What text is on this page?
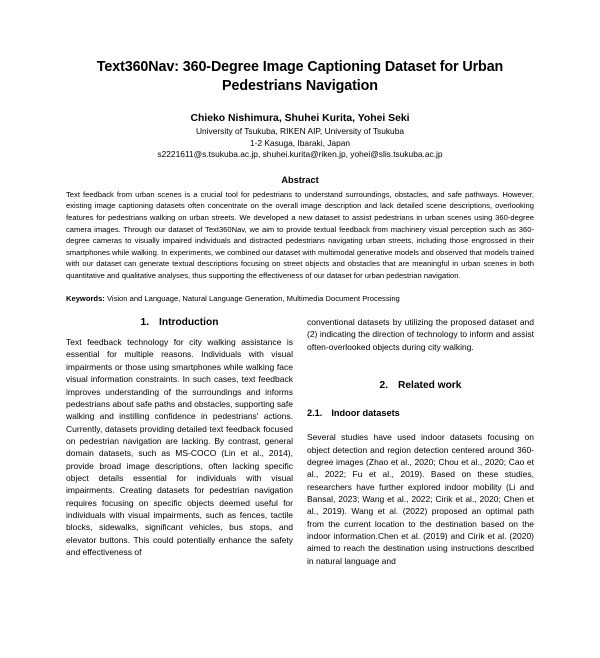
Text360Nav: 360-Degree Image Captioning Dataset for Urban Pedestrians Navigation
Chieko Nishimura, Shuhei Kurita, Yohei Seki
University of Tsukuba, RIKEN AIP, University of Tsukuba
1-2 Kasuga, Ibaraki, Japan
s2221611@s.tsukuba.ac.jp, shuhei.kurita@riken.jp, yohei@slis.tsukuba.ac.jp
Abstract
Text feedback from urban scenes is a crucial tool for pedestrians to understand surroundings, obstacles, and safe pathways. However, existing image captioning datasets often concentrate on the overall image description and lack detailed scene descriptions, overlooking features for pedestrians walking on urban streets. We developed a new dataset to assist pedestrians in urban scenes using 360-degree camera images. Through our dataset of Text360Nav, we aim to provide textual feedback from machinery visual perception such as 360-degree cameras to visually impaired individuals and distracted pedestrians navigating urban streets, including those engrossed in their smartphones while walking. In experiments, we combined our dataset with multimodal generative models and observed that models trained with our dataset can generate textual descriptions focusing on street objects and obstacles that are meaningful in urban scenes in both quantitative and qualitative analyses, thus supporting the effectiveness of our dataset for urban pedestrian navigation.
Keywords: Vision and Language, Natural Language Generation, Multimedia Document Processing
1. Introduction

Text feedback technology for city walking assistance is essential for multiple reasons. Individuals with visual impairments or those using smartphones while walking face visual information constraints. In such cases, text feedback improves understanding of the surroundings and informs pedestrians about safe paths and obstacles, supporting safe walking and instilling confidence in pedestrians' actions. Currently, datasets providing detailed text feedback focused on pedestrian navigation are lacking. By contrast, general domain datasets, such as MS-COCO (Lin et al., 2014), provide broad image descriptions, often lacking specific object details essential for individuals with visual impairments. Creating datasets for pedestrian navigation requires focusing on specific objects deemed useful for individuals with visual impairments, such as fences, tactile blocks, sidewalks, significant vehicles, bus stops, and elevator buttons. This could potentially enhance the safety and effectiveness of

conventional datasets by utilizing the proposed dataset and (2) indicating the direction of technology to inform and assist often-overlooked objects during city walking.

2. Related work
2.1. Indoor datasets

Several studies have used indoor datasets focusing on object detection and region detection centered around 360-degree images (Zhao et al., 2020; Chou et al., 2020; Cao et al., 2022; Fu et al., 2019). Based on these studies, researchers have further explored indoor mobility (Li and Bansal, 2023; Wang et al., 2022; Cirik et al., 2020; Chen et al., 2019). Wang et al. (2022) proposed an optimal path from the current location to the destination based on the indoor information.Chen et al. (2019) and Cirik et al. (2020) aimed to reach the destination using instructions described in natural language and
